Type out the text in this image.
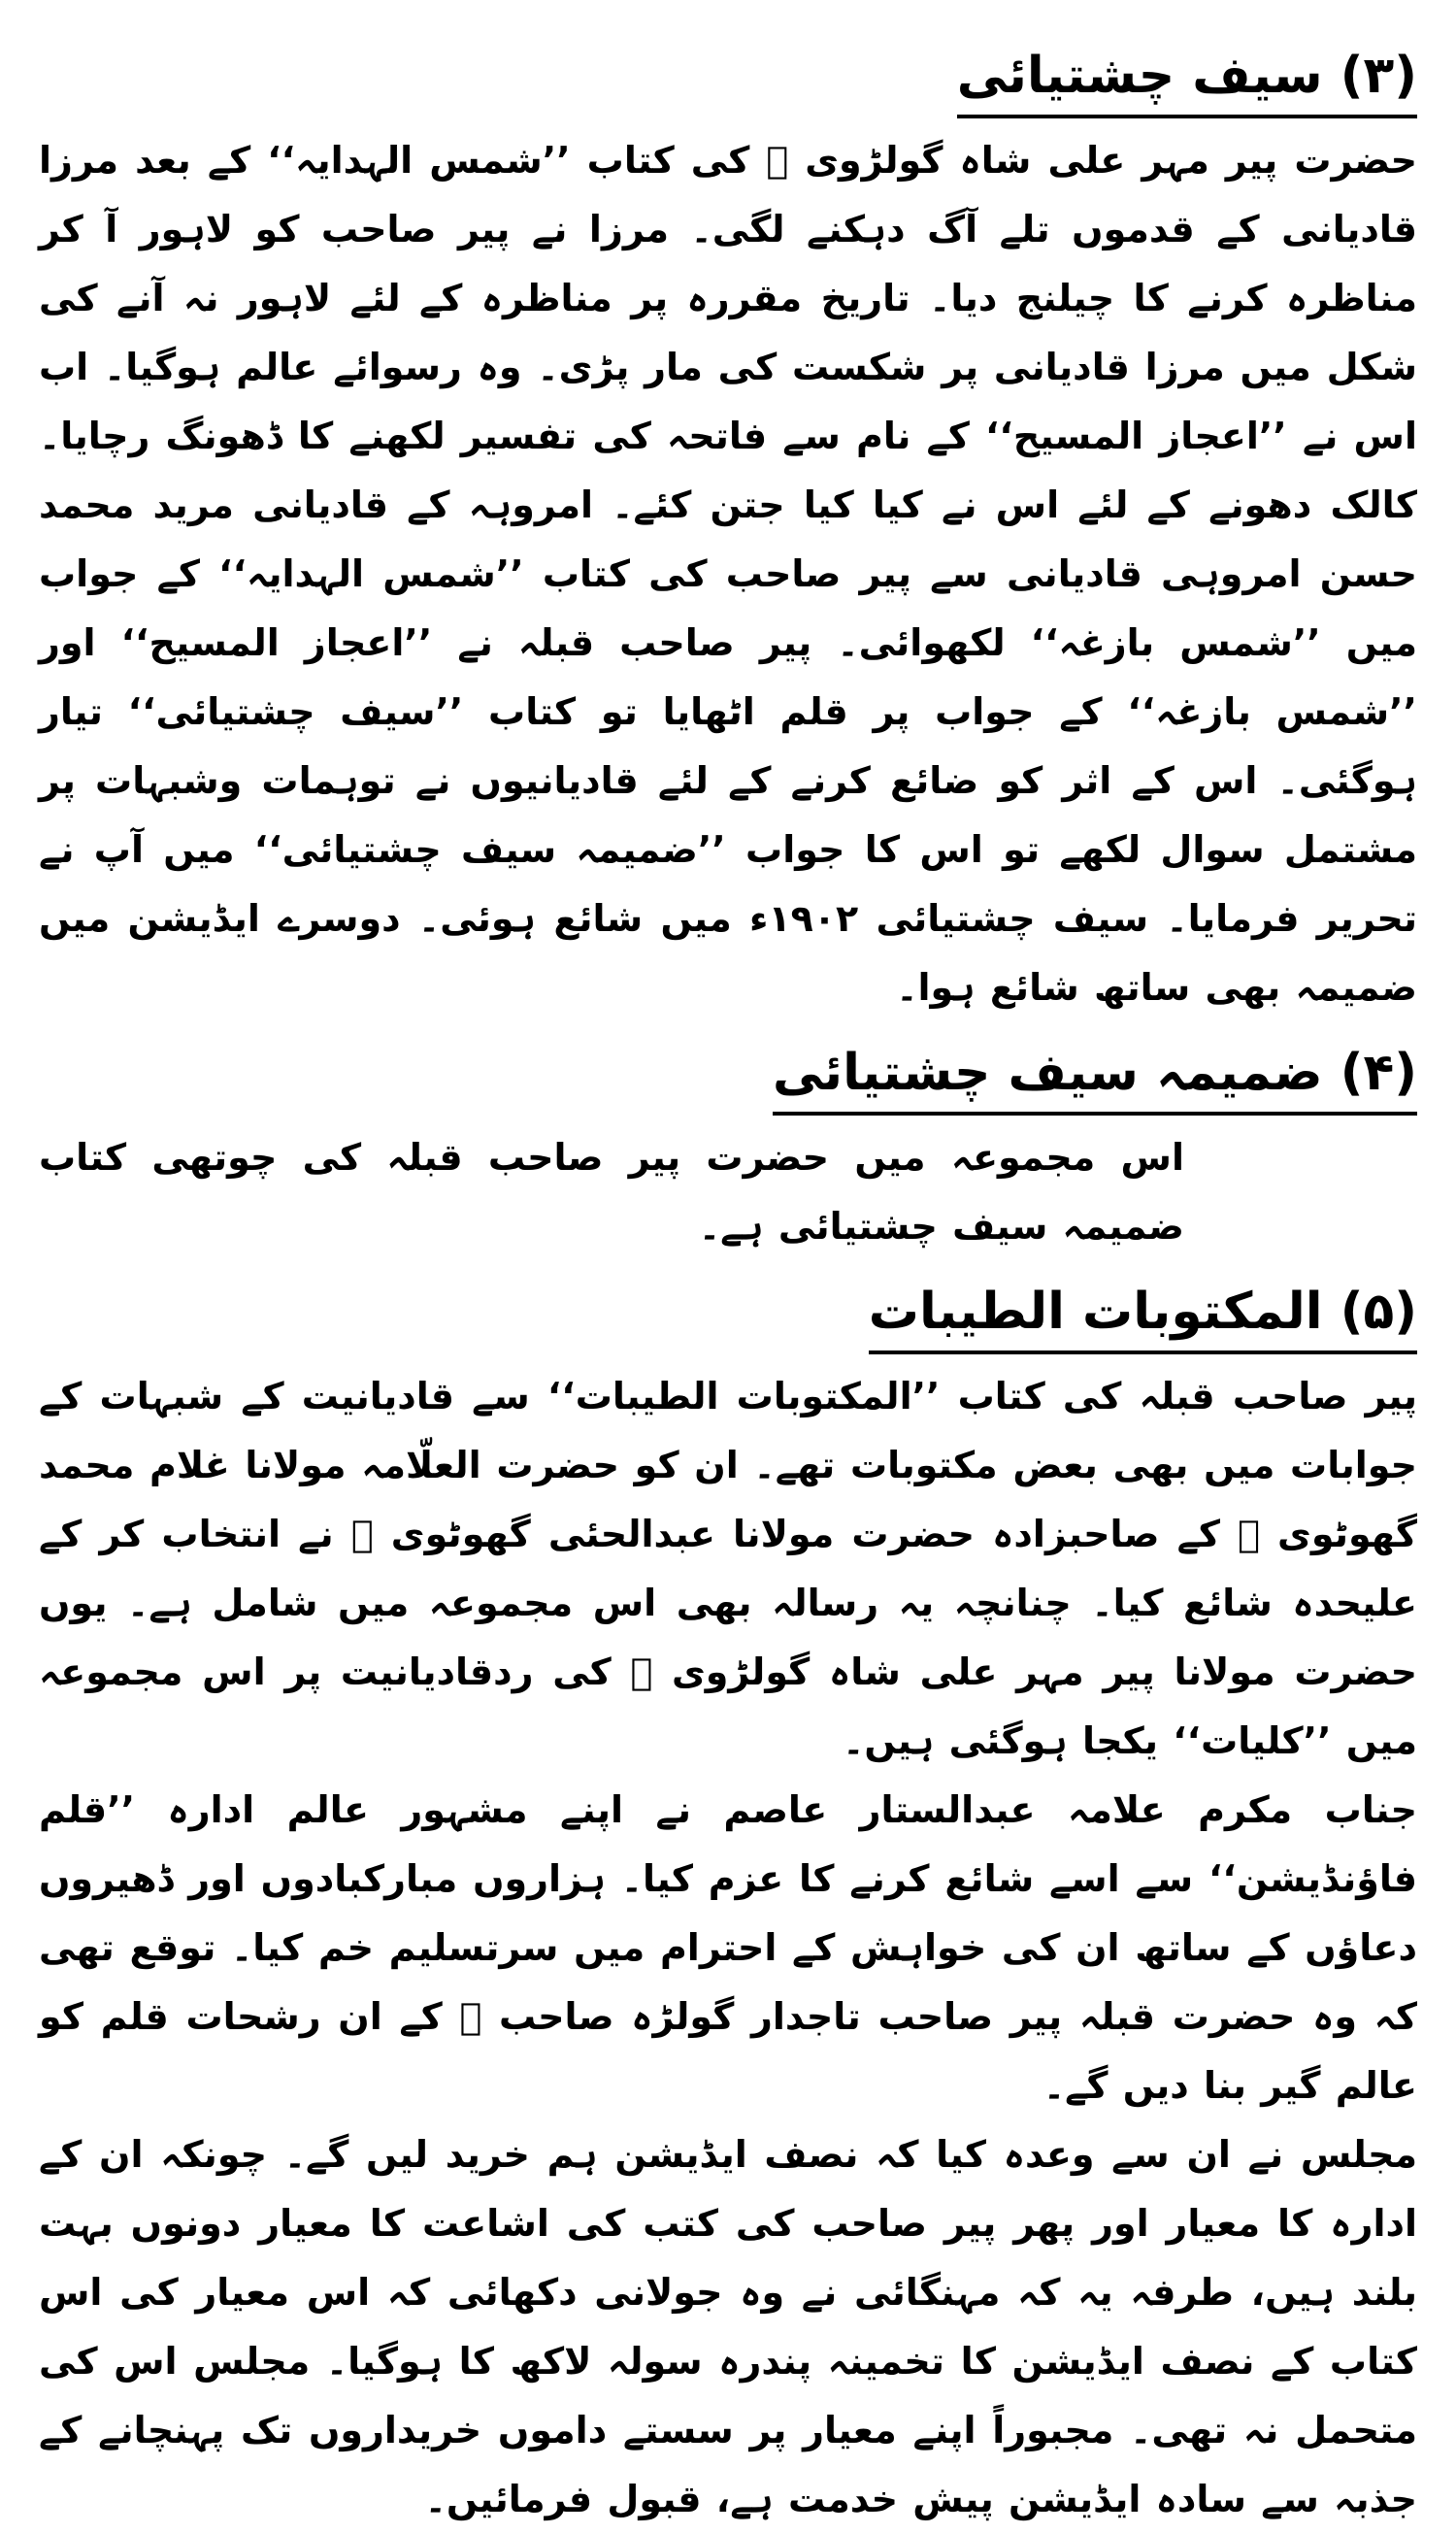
(۳) سیف چشتیائی

حضرت پیر مہر علی شاہ گولڑوی ﷫ کی کتاب ’’شمس الہدایہ‘‘ کے بعد مرزا قادیانی کے قدموں تلے آگ دہکنے لگی۔ مرزا نے پیر صاحب کو لاہور آ کر مناظرہ کرنے کا چیلنج دیا۔ تاریخ مقررہ پر مناظرہ کے لئے لاہور نہ آنے کی شکل میں مرزا قادیانی پر شکست کی مار پڑی۔ وہ رسوائے عالم ہوگیا۔ اب اس نے ’’اعجاز المسیح‘‘ کے نام سے فاتحہ کی تفسیر لکھنے کا ڈھونگ رچایا۔ کالک دھونے کے لئے اس نے کیا کیا جتن کئے۔ امروہہ کے قادیانی مرید محمد حسن امروہی قادیانی سے پیر صاحب کی کتاب ’’شمس الہدایہ‘‘ کے جواب میں ’’شمس بازغہ‘‘ لکھوائی۔ پیر صاحب قبلہ نے ’’اعجاز المسیح‘‘ اور ’’شمس بازغہ‘‘ کے جواب پر قلم اٹھایا تو کتاب ’’سیف چشتیائی‘‘ تیار ہوگئی۔ اس کے اثر کو ضائع کرنے کے لئے قادیانیوں نے توہمات وشبہات پر مشتمل سوال لکھے تو اس کا جواب ’’ضمیمہ سیف چشتیائی‘‘ میں آپ نے تحریر فرمایا۔ سیف چشتیائی ۱۹۰۲ء میں شائع ہوئی۔ دوسرے ایڈیشن میں ضمیمہ بھی ساتھ شائع ہوا۔

(۴) ضمیمہ سیف چشتیائی

اس مجموعہ میں حضرت پیر صاحب قبلہ کی چوتھی کتاب ضمیمہ سیف چشتیائی ہے۔

(۵) المکتوبات الطیبات

پیر صاحب قبلہ کی کتاب ’’المکتوبات الطیبات‘‘ سے قادیانیت کے شبہات کے جوابات میں بھی بعض مکتوبات تھے۔ ان کو حضرت العلّامہ مولانا غلام محمد گھوٹوی ﷫ کے صاحبزادہ حضرت مولانا عبدالحئی گھوٹوی ﷫ نے انتخاب کر کے علیحدہ شائع کیا۔ چنانچہ یہ رسالہ بھی اس مجموعہ میں شامل ہے۔ یوں حضرت مولانا پیر مہر علی شاہ گولڑوی ﷫ کی ردقادیانیت پر اس مجموعہ میں ’’کلیات‘‘ یکجا ہوگئی ہیں۔

جناب مکرم علامہ عبدالستار عاصم نے اپنے مشہور عالم ادارہ ’’قلم فاؤنڈیشن‘‘ سے اسے شائع کرنے کا عزم کیا۔ ہزاروں مبارکبادوں اور ڈھیروں دعاؤں کے ساتھ ان کی خواہش کے احترام میں سرتسلیم خم کیا۔ توقع تھی کہ وہ حضرت قبلہ پیر صاحب تاجدار گولڑہ صاحب ﷫ کے ان رشحات قلم کو عالم گیر بنا دیں گے۔

مجلس نے ان سے وعدہ کیا کہ نصف ایڈیشن ہم خرید لیں گے۔ چونکہ ان کے ادارہ کا معیار اور پھر پیر صاحب کی کتب کی اشاعت کا معیار دونوں بہت بلند ہیں، طرفہ یہ کہ مہنگائی نے وہ جولانی دکھائی کہ اس معیار کی اس کتاب کے نصف ایڈیشن کا تخمینہ پندرہ سولہ لاکھ کا ہوگیا۔ مجلس اس کی متحمل نہ تھی۔ مجبوراً اپنے معیار پر سستے داموں خریداروں تک پہنچانے کے جذبہ سے سادہ ایڈیشن پیش خدمت ہے، قبول فرمائیں۔
